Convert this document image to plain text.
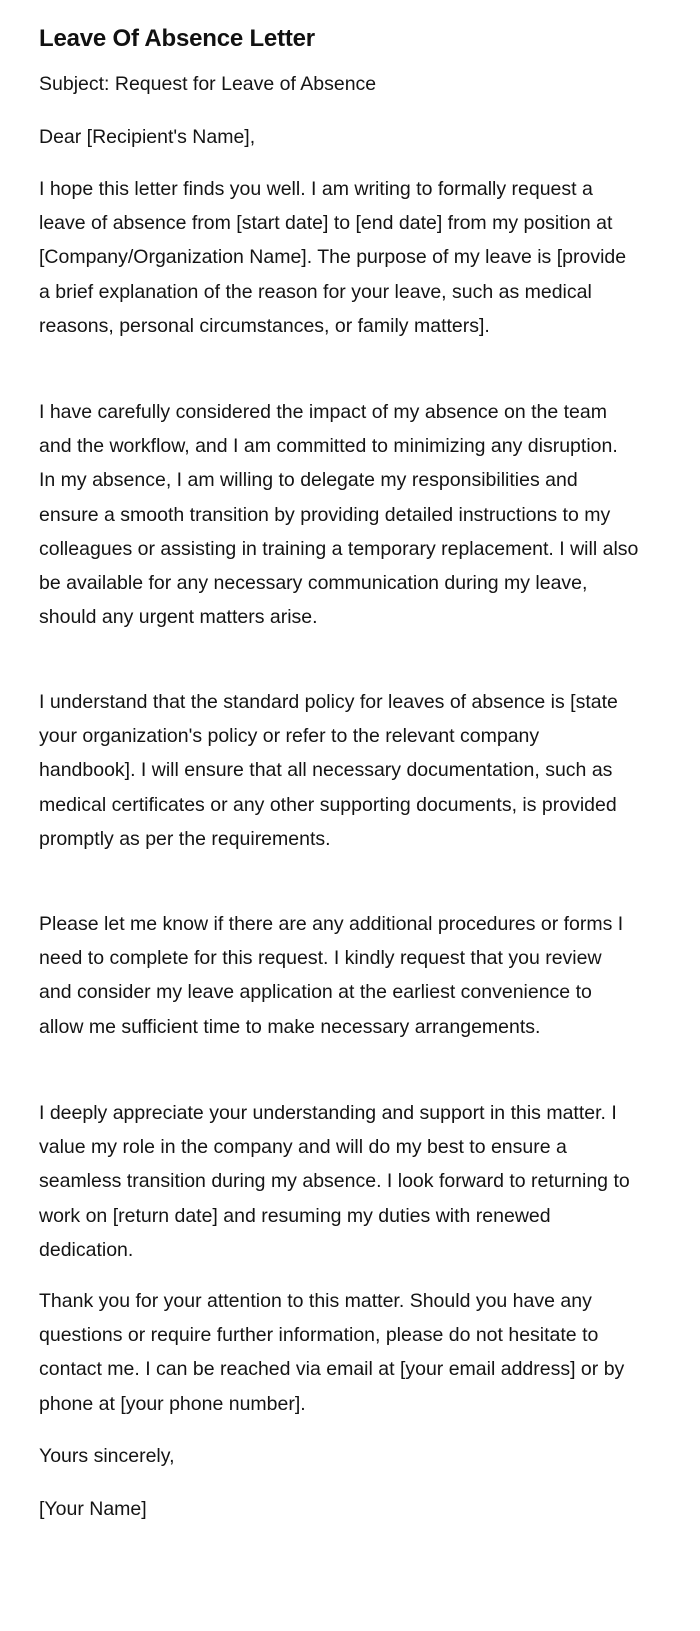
Leave Of Absence Letter

Subject: Request for Leave of Absence

Dear [Recipient's Name],

I hope this letter finds you well. I am writing to formally request a leave of absence from [start date] to [end date] from my position at [Company/Organization Name]. The purpose of my leave is [provide a brief explanation of the reason for your leave, such as medical reasons, personal circumstances, or family matters].

I have carefully considered the impact of my absence on the team and the workflow, and I am committed to minimizing any disruption. In my absence, I am willing to delegate my responsibilities and ensure a smooth transition by providing detailed instructions to my colleagues or assisting in training a temporary replacement. I will also be available for any necessary communication during my leave, should any urgent matters arise.

I understand that the standard policy for leaves of absence is [state your organization's policy or refer to the relevant company handbook]. I will ensure that all necessary documentation, such as medical certificates or any other supporting documents, is provided promptly as per the requirements.

Please let me know if there are any additional procedures or forms I need to complete for this request. I kindly request that you review and consider my leave application at the earliest convenience to allow me sufficient time to make necessary arrangements.

I deeply appreciate your understanding and support in this matter. I value my role in the company and will do my best to ensure a seamless transition during my absence. I look forward to returning to work on [return date] and resuming my duties with renewed dedication.

Thank you for your attention to this matter. Should you have any questions or require further information, please do not hesitate to contact me. I can be reached via email at [your email address] or by phone at [your phone number].

Yours sincerely,

[Your Name]
